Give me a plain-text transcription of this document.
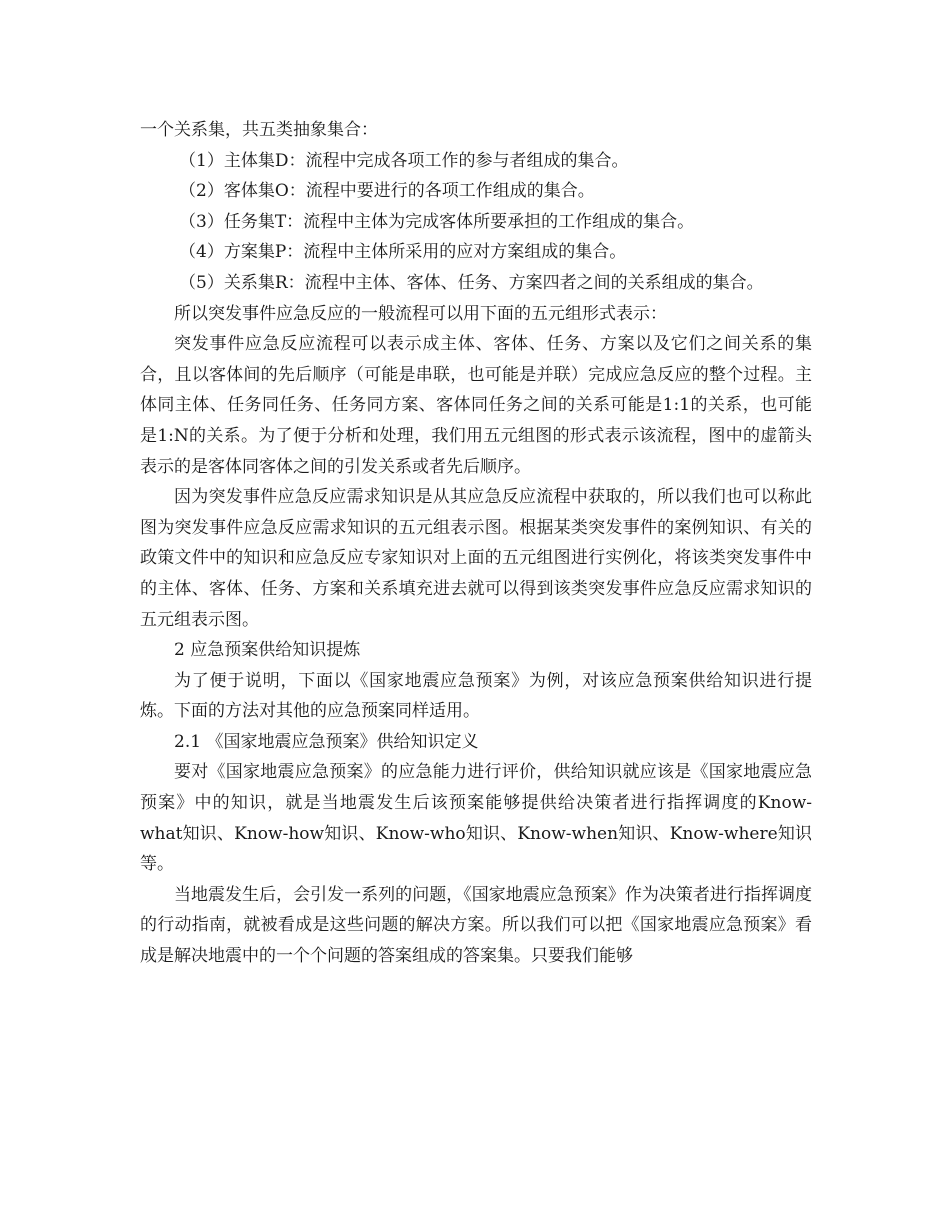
一个关系集，共五类抽象集合：

（1）主体集D：流程中完成各项工作的参与者组成的集合。

（2）客体集O：流程中要进行的各项工作组成的集合。

（3）任务集T：流程中主体为完成客体所要承担的工作组成的集合。

（4）方案集P：流程中主体所采用的应对方案组成的集合。

（5）关系集R：流程中主体、客体、任务、方案四者之间的关系组成的集合。

所以突发事件应急反应的一般流程可以用下面的五元组形式表示：

突发事件应急反应流程可以表示成主体、客体、任务、方案以及它们之间关系的集合，且以客体间的先后顺序（可能是串联，也可能是并联）完成应急反应的整个过程。主体同主体、任务同任务、任务同方案、客体同任务之间的关系可能是1:1的关系，也可能是1:N的关系。为了便于分析和处理，我们用五元组图的形式表示该流程，图中的虚箭头表示的是客体同客体之间的引发关系或者先后顺序。

因为突发事件应急反应需求知识是从其应急反应流程中获取的，所以我们也可以称此图为突发事件应急反应需求知识的五元组表示图。根据某类突发事件的案例知识、有关的政策文件中的知识和应急反应专家知识对上面的五元组图进行实例化，将该类突发事件中的主体、客体、任务、方案和关系填充进去就可以得到该类突发事件应急反应需求知识的五元组表示图。

2 应急预案供给知识提炼

为了便于说明，下面以《国家地震应急预案》为例，对该应急预案供给知识进行提炼。下面的方法对其他的应急预案同样适用。

2.1 《国家地震应急预案》供给知识定义

要对《国家地震应急预案》的应急能力进行评价，供给知识就应该是《国家地震应急预案》中的知识，就是当地震发生后该预案能够提供给决策者进行指挥调度的Know-what知识、Know-how知识、Know-who知识、Know-when知识、Know-where知识等。

当地震发生后，会引发一系列的问题，《国家地震应急预案》作为决策者进行指挥调度的行动指南，就被看成是这些问题的解决方案。所以我们可以把《国家地震应急预案》看成是解决地震中的一个个问题的答案组成的答案集。只要我们能够
